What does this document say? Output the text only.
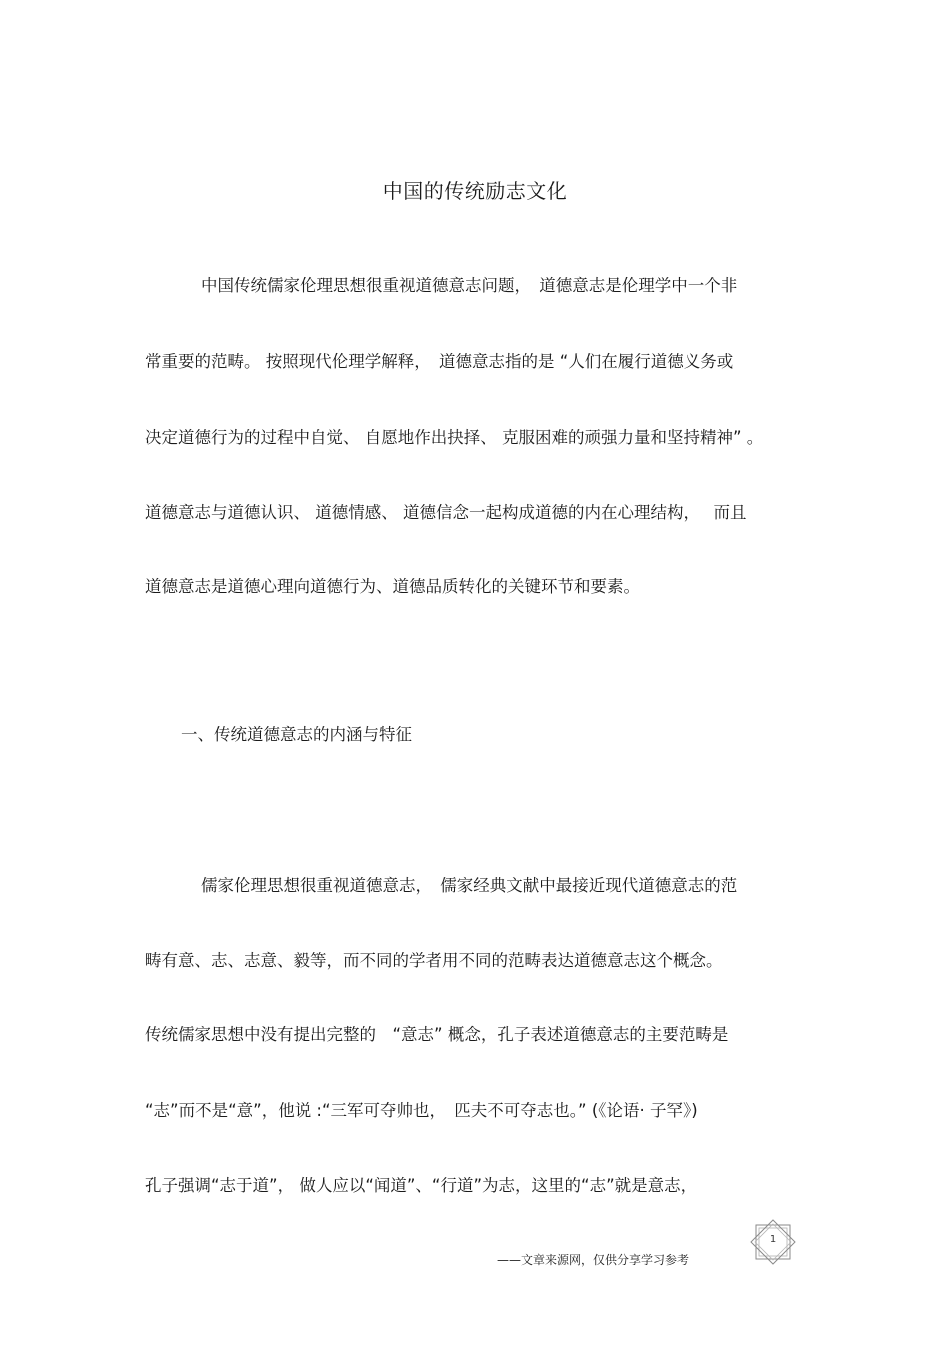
中国的传统励志文化
中国传统儒家伦理思想很重视道德意志问题，　道德意志是伦理学中一个非
常重要的范畴。 按照现代伦理学解释，　道德意志指的是 “人们在履行道德义务或
决定道德行为的过程中自觉、 自愿地作出抉择、 克服困难的顽强力量和坚持精神” 。
道德意志与道德认识、 道德情感、 道德信念一起构成道德的内在心理结构，　 而且
道德意志是道德心理向道德行为、道德品质转化的关键环节和要素。
一、传统道德意志的内涵与特征
儒家伦理思想很重视道德意志，　儒家经典文献中最接近现代道德意志的范
畴有意、志、志意、毅等，而不同的学者用不同的范畴表达道德意志这个概念。
传统儒家思想中没有提出完整的　“意志” 概念，孔子表述道德意志的主要范畴是
“志”而不是“意”，他说 :“三军可夺帅也，　匹夫不可夺志也。” (《论语· 子罕》)
孔子强调“志于道”， 做人应以“闻道”、“行道”为志，这里的“志”就是意志，
——文章来源网，仅供分享学习参考
1
